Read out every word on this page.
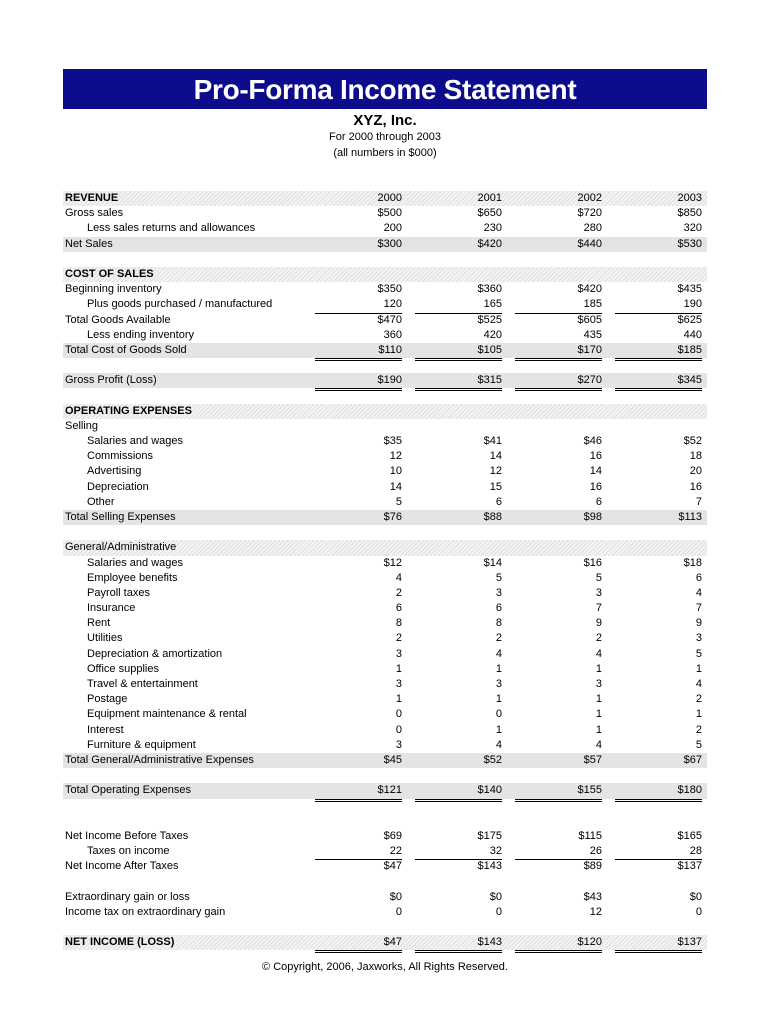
Pro-Forma Income Statement
XYZ, Inc.
For 2000 through 2003
(all numbers in $000)
REVENUE	2000	2001	2002	2003
Gross sales	$500	$650	$720	$850
Less sales returns and allowances	200	230	280	320
Net Sales	$300	$420	$440	$530
COST OF SALES
Beginning inventory	$350	$360	$420	$435
Plus goods purchased / manufactured	120	165	185	190
Total Goods Available	$470	$525	$605	$625
Less ending inventory	360	420	435	440
Total Cost of Goods Sold	$110	$105	$170	$185
Gross Profit (Loss)	$190	$315	$270	$345
OPERATING EXPENSES
Selling
Salaries and wages	$35	$41	$46	$52
Commissions	12	14	16	18
Advertising	10	12	14	20
Depreciation	14	15	16	16
Other	5	6	6	7
Total Selling Expenses	$76	$88	$98	$113
General/Administrative
Salaries and wages	$12	$14	$16	$18
Employee benefits	4	5	5	6
Payroll taxes	2	3	3	4
Insurance	6	6	7	7
Rent	8	8	9	9
Utilities	2	2	2	3
Depreciation & amortization	3	4	4	5
Office supplies	1	1	1	1
Travel & entertainment	3	3	3	4
Postage	1	1	1	2
Equipment maintenance & rental	0	0	1	1
Interest	0	1	1	2
Furniture & equipment	3	4	4	5
Total General/Administrative Expenses	$45	$52	$57	$67
Total Operating Expenses	$121	$140	$155	$180
Net Income Before Taxes	$69	$175	$115	$165
Taxes on income	22	32	26	28
Net Income After Taxes	$47	$143	$89	$137
Extraordinary gain or loss	$0	$0	$43	$0
Income tax on extraordinary gain	0	0	12	0
NET INCOME (LOSS)	$47	$143	$120	$137
© Copyright, 2006, Jaxworks, All Rights Reserved.
